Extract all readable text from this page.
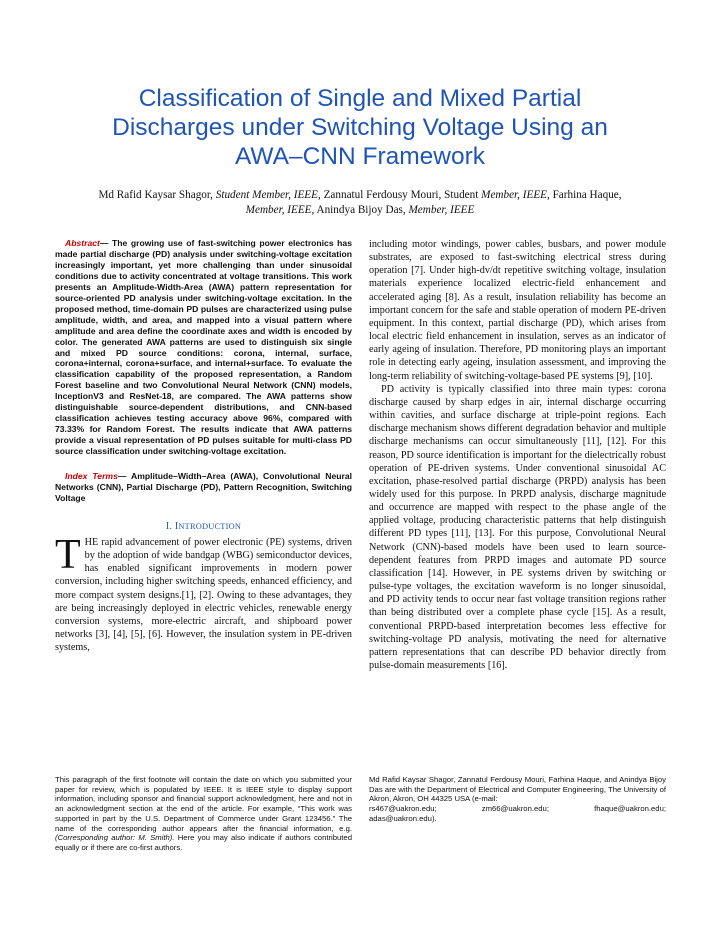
Classification of Single and Mixed Partial
Discharges under Switching Voltage Using an
AWA–CNN Framework
Md Rafid Kaysar Shagor, Student Member, IEEE, Zannatul Ferdousy Mouri, Student Member, IEEE, Farhina Haque,
Member, IEEE, Anindya Bijoy Das, Member, IEEE

Abstract— The growing use of fast-switching power electronics has made partial discharge (PD) analysis under switching-voltage excitation increasingly important, yet more challenging than under sinusoidal conditions due to activity concentrated at voltage transitions. This work presents an Amplitude-Width-Area (AWA) pattern representation for source-oriented PD analysis under switching-voltage excitation. In the proposed method, time-domain PD pulses are characterized using pulse amplitude, width, and area, and mapped into a visual pattern where amplitude and area define the coordinate axes and width is encoded by color. The generated AWA patterns are used to distinguish six single and mixed PD source conditions: corona, internal, surface, corona+internal, corona+surface, and internal+surface. To evaluate the classification capability of the proposed representation, a Random Forest baseline and two Convolutional Neural Network (CNN) models, InceptionV3 and ResNet-18, are compared. The AWA patterns show distinguishable source-dependent distributions, and CNN-based classification achieves testing accuracy above 96%, compared with 73.33% for Random Forest. The results indicate that AWA patterns provide a visual representation of PD pulses suitable for multi-class PD source classification under switching-voltage excitation.

Index Terms— Amplitude–Width–Area (AWA), Convolutional Neural Networks (CNN), Partial Discharge (PD), Pattern Recognition, Switching Voltage

I. INTRODUCTION

THE rapid advancement of power electronic (PE) systems, driven by the adoption of wide bandgap (WBG) semiconductor devices, has enabled significant improvements in modern power conversion, including higher switching speeds, enhanced efficiency, and more compact system designs.[1], [2]. Owing to these advantages, they are being increasingly deployed in electric vehicles, renewable energy conversion systems, more-electric aircraft, and shipboard power networks [3], [4], [5], [6]. However, the insulation system in PE-driven systems,

including motor windings, power cables, busbars, and power module substrates, are exposed to fast-switching electrical stress during operation [7]. Under high-dv/dt repetitive switching voltage, insulation materials experience localized electric-field enhancement and accelerated aging [8]. As a result, insulation reliability has become an important concern for the safe and stable operation of modern PE-driven equipment. In this context, partial discharge (PD), which arises from local electric field enhancement in insulation, serves as an indicator of early ageing of insulation. Therefore, PD monitoring plays an important role in detecting early ageing, insulation assessment, and improving the long-term reliability of switching-voltage-based PE systems [9], [10].

PD activity is typically classified into three main types: corona discharge caused by sharp edges in air, internal discharge occurring within cavities, and surface discharge at triple-point regions. Each discharge mechanism shows different degradation behavior and multiple discharge mechanisms can occur simultaneously [11], [12]. For this reason, PD source identification is important for the dielectrically robust operation of PE-driven systems. Under conventional sinusoidal AC excitation, phase-resolved partial discharge (PRPD) analysis has been widely used for this purpose. In PRPD analysis, discharge magnitude and occurrence are mapped with respect to the phase angle of the applied voltage, producing characteristic patterns that help distinguish different PD types [11], [13]. For this purpose, Convolutional Neural Network (CNN)-based models have been used to learn source-dependent features from PRPD images and automate PD source classification [14]. However, in PE systems driven by switching or pulse-type voltages, the excitation waveform is no longer sinusoidal, and PD activity tends to occur near fast voltage transition regions rather than being distributed over a complete phase cycle [15]. As a result, conventional PRPD-based interpretation becomes less effective for switching-voltage PD analysis, motivating the need for alternative pattern representations that can describe PD behavior directly from pulse-domain measurements [16].

This paragraph of the first footnote will contain the date on which you submitted your paper for review, which is populated by IEEE. It is IEEE style to display support information, including sponsor and financial support acknowledgment, here and not in an acknowledgment section at the end of the article. For example, “This work was supported in part by the U.S. Department of Commerce under Grant 123456.” The name of the corresponding author appears after the financial information, e.g. (Corresponding author: M. Smith). Here you may also indicate if authors contributed equally or if there are co-first authors.
Md Rafid Kaysar Shagor, Zannatul Ferdousy Mouri, Farhina Haque, and Anindya Bijoy Das are with the Department of Electrical and Computer Engineering, The University of Akron, Akron, OH 44325 USA (e-mail:
rs467@uakron.edu;	zm66@uakron.edu;	fhaque@uakron.edu;
adas@uakron.edu).
